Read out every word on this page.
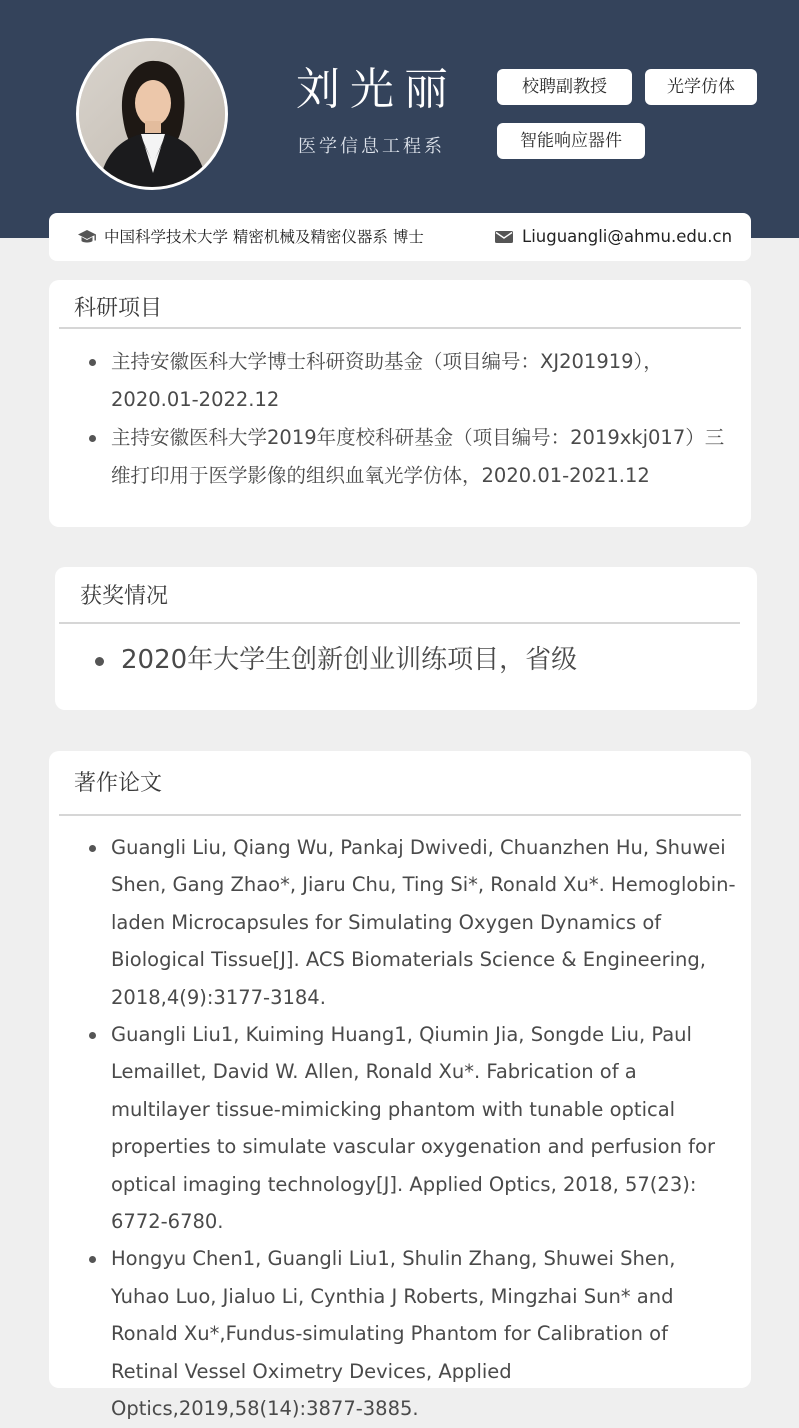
刘光丽
医学信息工程系
校聘副教授	光学仿体
智能响应器件
中国科学技术大学 精密机械及精密仪器系 博士	Liuguangli@ahmu.edu.cn
科研项目
主持安徽医科大学博士科研资助基金（项目编号：XJ201919），2020.01-2022.12
主持安徽医科大学2019年度校科研基金（项目编号：2019xkj017）三维打印用于医学影像的组织血氧光学仿体，2020.01-2021.12
获奖情况
2020年大学生创新创业训练项目，省级
著作论文
Guangli Liu, Qiang Wu, Pankaj Dwivedi, Chuanzhen Hu, Shuwei Shen, Gang Zhao*, Jiaru Chu, Ting Si*, Ronald Xu*. Hemoglobin-laden Microcapsules for Simulating Oxygen Dynamics of Biological Tissue[J]. ACS Biomaterials Science & Engineering, 2018,4(9):3177-3184.
Guangli Liu1, Kuiming Huang1, Qiumin Jia, Songde Liu, Paul Lemaillet, David W. Allen, Ronald Xu*. Fabrication of a multilayer tissue-mimicking phantom with tunable optical properties to simulate vascular oxygenation and perfusion for optical imaging technology[J]. Applied Optics, 2018, 57(23): 6772-6780.
Hongyu Chen1, Guangli Liu1, Shulin Zhang, Shuwei Shen, Yuhao Luo, Jialuo Li, Cynthia J Roberts, Mingzhai Sun* and Ronald Xu*,Fundus-simulating Phantom for Calibration of Retinal Vessel Oximetry Devices, Applied Optics,2019,58(14):3877-3885.
